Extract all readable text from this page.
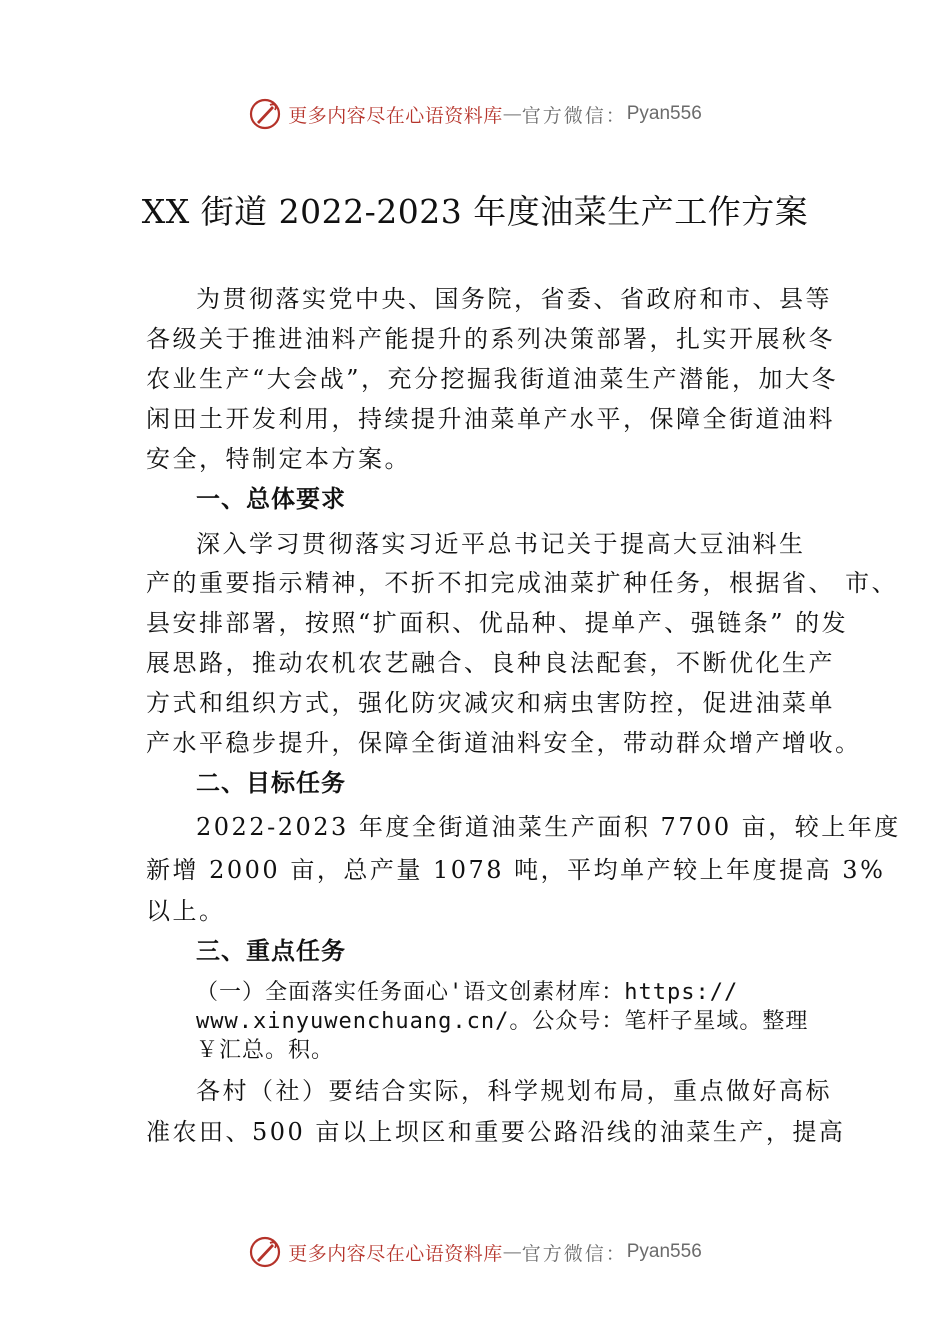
更多内容尽在心语资料库 — 官方微信： Pyan556
XX 街道 2022-2023 年度油菜生产工作方案
为贯彻落实党中央、国务院，省委、省政府和市、县等
各级关于推进油料产能提升的系列决策部署，扎实开展秋冬
农业生产“大会战”，充分挖掘我街道油菜生产潜能，加大冬
闲田土开发利用，持续提升油菜单产水平，保障全街道油料
安全，特制定本方案。
一、总体要求
深入学习贯彻落实习近平总书记关于提高大豆油料生
产的重要指示精神，不折不扣完成油菜扩种任务，根据省、 市、
县安排部署，按照“扩面积、优品种、提单产、强链条” 的发
展思路，推动农机农艺融合、良种良法配套，不断优化生产
方式和组织方式，强化防灾减灾和病虫害防控，促进油菜单
产水平稳步提升，保障全街道油料安全，带动群众增产增收。
二、目标任务
2022-2023 年度全街道油菜生产面积 7700 亩，较上年度
新增 2000 亩，总产量 1078 吨，平均单产较上年度提高 3%
以上。
三、重点任务
（一）全面落实任务面心'语文创素材库：https://
www.xinyuwenchuang.cn/。公众号：笔杆子星域。整理
￥汇总。积。
各村（社）要结合实际，科学规划布局，重点做好高标
准农田、500 亩以上坝区和重要公路沿线的油菜生产，提高
更多内容尽在心语资料库 — 官方微信： Pyan556
